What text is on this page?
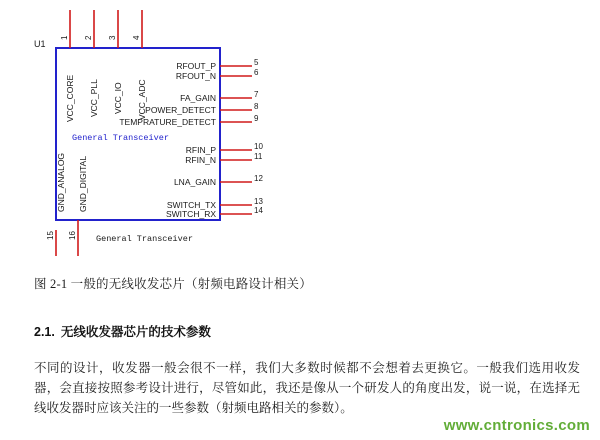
U1
1 2 3 4
VCC_CORE VCC_PLL VCC_IO VCC_ADC
15 16
GND_ANALOG GND_DIGITAL
5
6
7
8
9
10
11
12
13
14
RFOUT_P
RFOUT_N
FA_GAIN
POWER_DETECT
TEMPRATURE_DETECT
RFIN_P
RFIN_N
LNA_GAIN
SWITCH_TX
SWITCH_RX
General Transceiver
General Transceiver
图 2-1 一般的无线收发芯片（射频电路设计相关）
2.1. 无线收发器芯片的技术参数
不同的设计，收发器一般会很不一样，我们大多数时候都不会想着去更换它。一般我们选用收发器，会直接按照参考设计进行，尽管如此，我还是像从一个研发人的角度出发，说一说，在选择无线收发器时应该关注的一些参数（射频电路相关的参数）。
www.cntronics.com
